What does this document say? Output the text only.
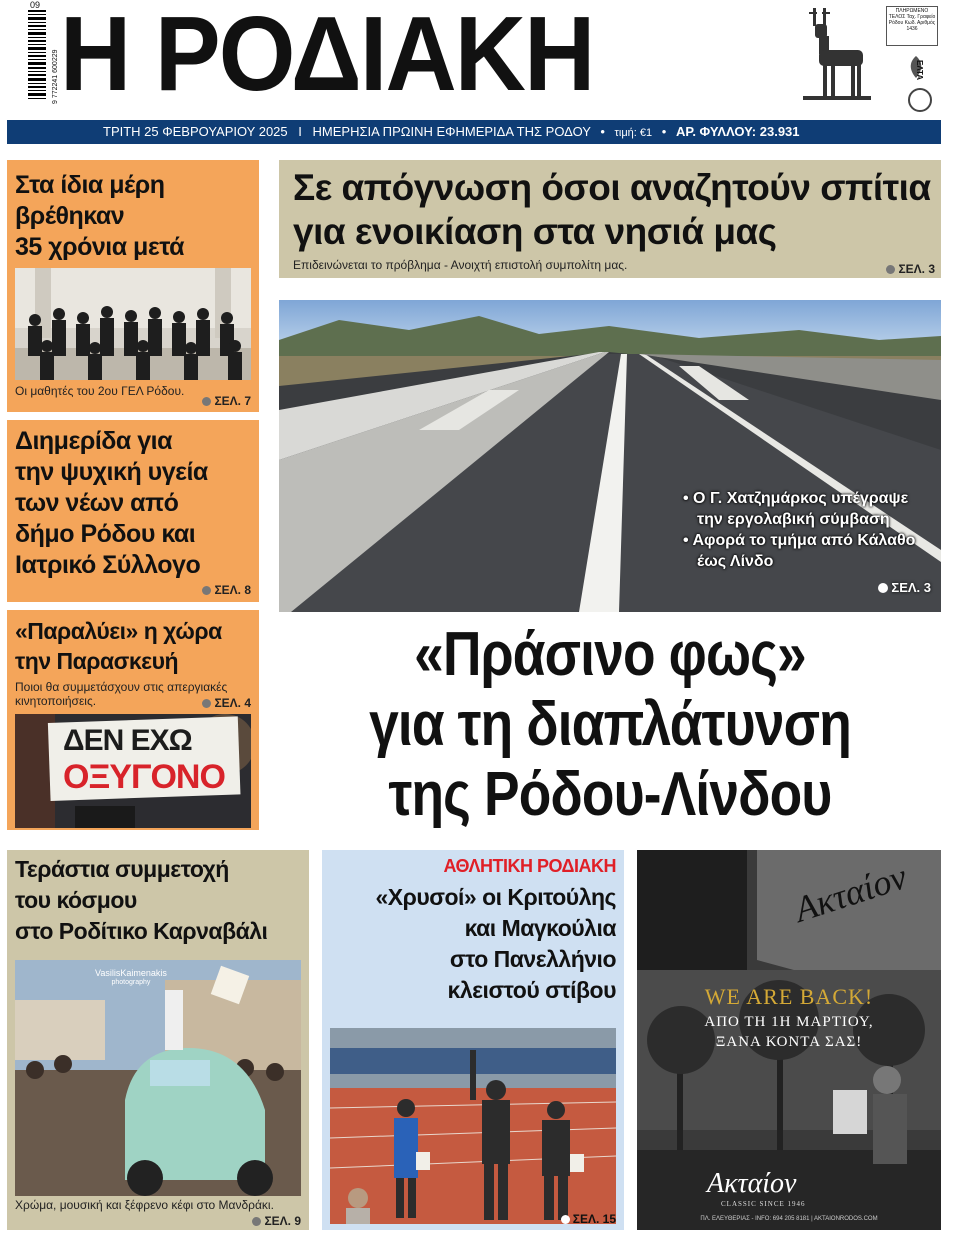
09
9 772241 600229 Η ΡΟΔΙΑΚΗ	ΠΛΗΡΩΜΕΝΟ ΤΕΛΟΣ Ταχ. Γραφείο Ρόδου Κωδ. Αριθμός 1436
ΕΛΤΑ
ΤΡΙΤΗ 25 ΦΕΒΡΟΥΑΡΙΟΥ 2025 I ΗΜΕΡΗΣΙΑ ΠΡΩΙΝΗ ΕΦΗΜΕΡΙΔΑ ΤΗΣ ΡΟΔΟΥ • τιμή: €1 • ΑΡ. ΦΥΛΛΟΥ: 23.931
Στα ίδια μέρη
βρέθηκαν
35 χρόνια μετά
Οι μαθητές του 2ου ΓΕΛ Ρόδου.
ΣΕΛ. 7
Διημερίδα για
την ψυχική υγεία
των νέων από
δήμο Ρόδου και
Ιατρικό Σύλλογο
ΣΕΛ. 8
«Παραλύει» η χώρα
την Παρασκευή
Ποιοι θα συμμετάσχουν στις απεργιακές
κινητοποιήσεις.	ΣΕΛ. 4
ΔΕΝ ΕΧΩ
ΟΞΥΓΟΝΟ
Σε απόγνωση όσοι αναζητούν σπίτια
για ενοικίαση στα νησιά μας
Επιδεινώνεται το πρόβλημα - Ανοιχτή επιστολή συμπολίτη μας.	ΣΕΛ. 3
• Ο Γ. Χατζημάρκος υπέγραψε
την εργολαβική σύμβαση
• Αφορά το τμήμα από Κάλαθο
έως Λίνδο
ΣΕΛ. 3
«Πράσινο φως»
για τη διαπλάτυνση
της Ρόδου-Λίνδου
Τεράστια συμμετοχή
του κόσμου
στο Ροδίτικο Καρναβάλι
VasilisKaimenakis
photography
Χρώμα, μουσική και ξέφρενο κέφι στο Μανδράκι.
ΣΕΛ. 9
ΑΘΛΗΤΙΚΗ ΡΟΔΙΑΚΗ
«Χρυσοί» οι Κριτούλης
και Μαγκούλια
στο Πανελλήνιο
κλειστού στίβου
ΣΕΛ. 15
Ακταίον
WE ARE BACK!
ΑΠΟ ΤΗ 1Η ΜΑΡΤΙΟΥ,
ΞΑΝΑ ΚΟΝΤΑ ΣΑΣ!
Ακταίον
CLASSIC SINCE 1946
ΠΛ. ΕΛΕΥΘΕΡΙΑΣ - INFO: 694 205 8181 | AKTAIONRODOS.COM
